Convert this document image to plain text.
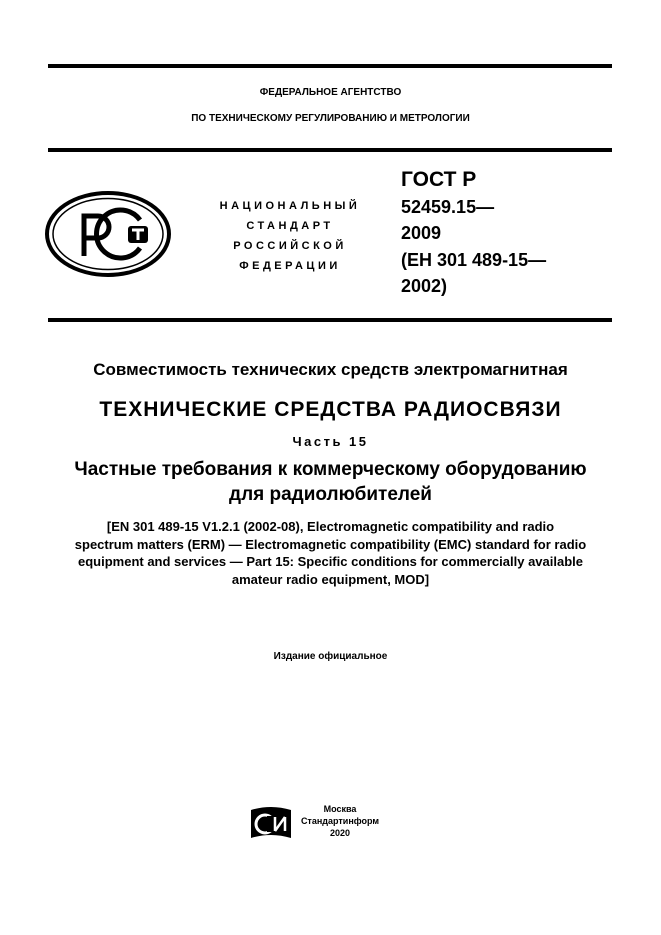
ФЕДЕРАЛЬНОЕ АГЕНТСТВО
ПО ТЕХНИЧЕСКОМУ РЕГУЛИРОВАНИЮ И МЕТРОЛОГИИ
НАЦИОНАЛЬНЫЙ
СТАНДАРТ
РОССИЙСКОЙ
ФЕДЕРАЦИИ
ГОСТ Р
52459.15—
2009
(ЕН 301 489-15—
2002)
Совместимость технических средств электромагнитная
ТЕХНИЧЕСКИЕ СРЕДСТВА РАДИОСВЯЗИ
Часть 15
Частные требования к коммерческому оборудованию
для радиолюбителей
[EN 301 489-15 V1.2.1 (2002-08), Electromagnetic compatibility and radio
spectrum matters (ERM) — Electromagnetic compatibility (EMC) standard for radio
equipment and services — Part 15: Specific conditions for commercially available
amateur radio equipment, MOD]
Издание официальное
Москва
Стандартинформ
2020
